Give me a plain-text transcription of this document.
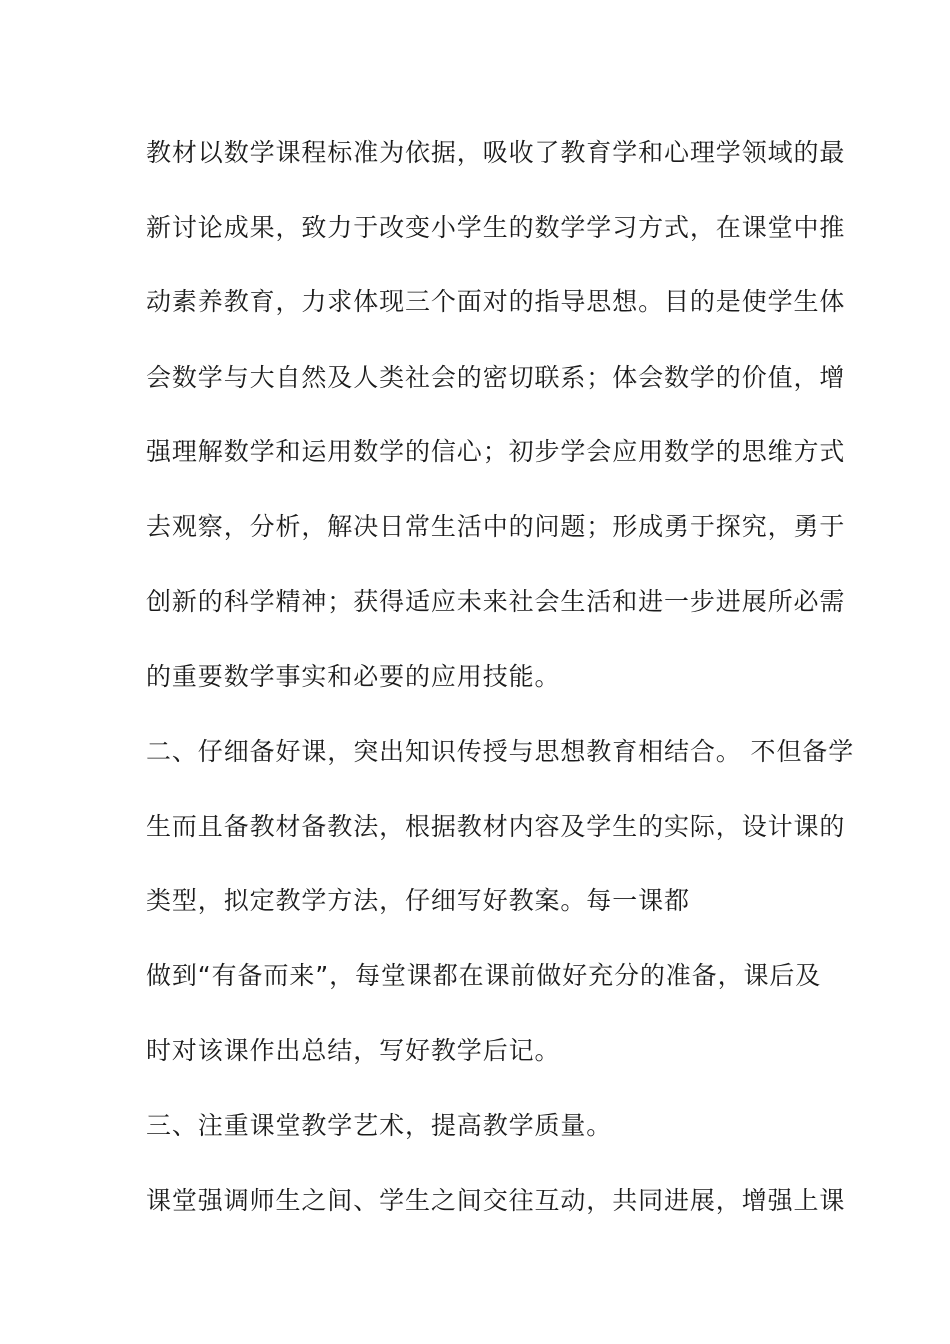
教材以数学课程标准为依据，吸收了教育学和心理学领域的最
新讨论成果，致力于改变小学生的数学学习方式，在课堂中推
动素养教育，力求体现三个面对的指导思想。目的是使学生体
会数学与大自然及人类社会的密切联系；体会数学的价值，增
强理解数学和运用数学的信心；初步学会应用数学的思维方式
去观察，分析，解决日常生活中的问题；形成勇于探究，勇于
创新的科学精神；获得适应未来社会生活和进一步进展所必需
的重要数学事实和必要的应用技能。
二、仔细备好课，突出知识传授与思想教育相结合。 不但备学
生而且备教材备教法，根据教材内容及学生的实际，设计课的
类型，拟定教学方法，仔细写好教案。每一课都
做到“有备而来”，每堂课都在课前做好充分的准备，课后及
时对该课作出总结，写好教学后记。
三、注重课堂教学艺术，提高教学质量。
课堂强调师生之间、学生之间交往互动，共同进展，增强上课
